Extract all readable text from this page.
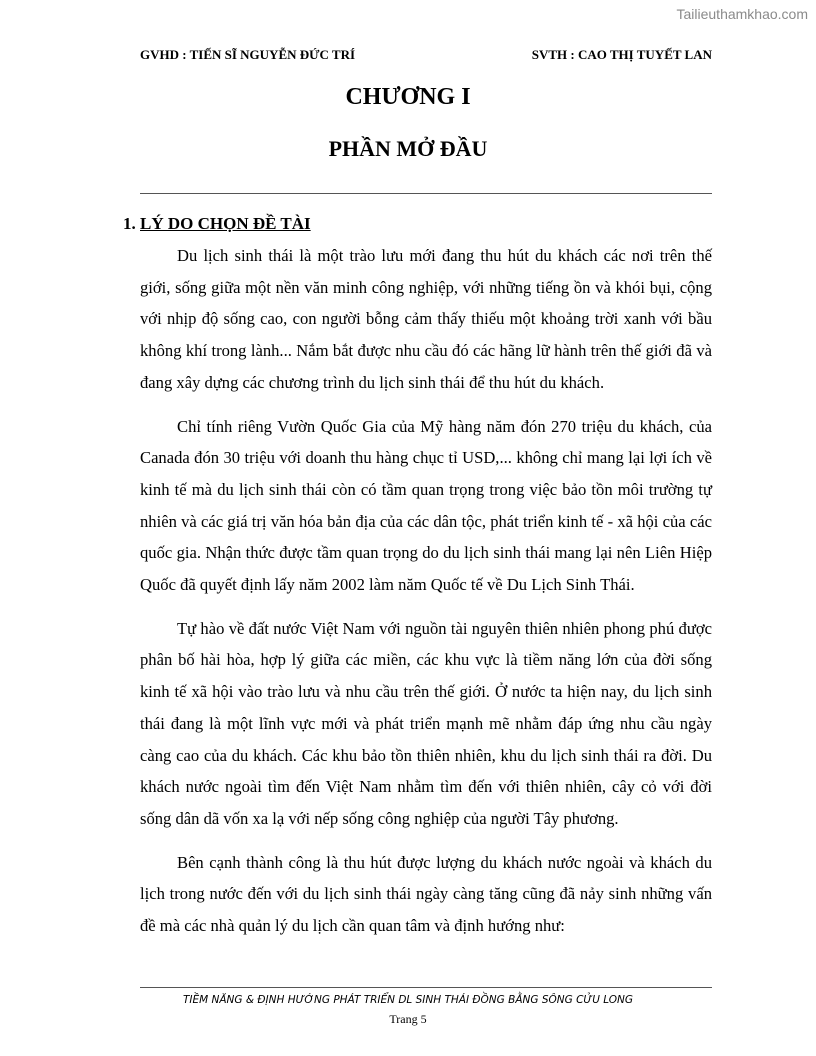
Tailieuthamkhao.com
GVHD : TIẾN SĨ NGUYỄN ĐỨC TRÍ	SVTH : CAO THỊ TUYẾT LAN
CHƯƠNG I
PHẦN MỞ ĐẦU
1. LÝ DO CHỌN ĐỀ TÀI

Du lịch sinh thái là một trào lưu mới đang thu hút du khách các nơi trên thế giới, sống giữa một nền văn minh công nghiệp, với những tiếng ồn và khói bụi, cộng với nhịp độ sống cao, con người bỗng cảm thấy thiếu một khoảng trời xanh với bầu không khí trong lành... Nắm bắt được nhu cầu đó các hãng lữ hành trên thế giới đã và đang xây dựng các chương trình du lịch sinh thái để thu hút du khách.

Chỉ tính riêng Vườn Quốc Gia của Mỹ hàng năm đón 270 triệu du khách, của Canada đón 30 triệu với doanh thu hàng chục tỉ USD,... không chỉ mang lại lợi ích về kinh tế mà du lịch sinh thái còn có tầm quan trọng trong việc bảo tồn môi trường tự nhiên và các giá trị văn hóa bản địa của các dân tộc, phát triển kinh tế - xã hội của các quốc gia. Nhận thức được tầm quan trọng do du lịch sinh thái mang lại nên Liên Hiệp Quốc đã quyết định lấy năm 2002 làm năm Quốc tế về Du Lịch Sinh Thái.

Tự hào về đất nước Việt Nam với nguồn tài nguyên thiên nhiên phong phú được phân bố hài hòa, hợp lý giữa các miền, các khu vực là tiềm năng lớn của đời sống kinh tế xã hội vào trào lưu và nhu cầu trên thế giới. Ở nước ta hiện nay, du lịch sinh thái đang là một lĩnh vực mới và phát triển mạnh mẽ nhằm đáp ứng nhu cầu ngày càng cao của du khách. Các khu bảo tồn thiên nhiên, khu du lịch sinh thái ra đời. Du khách nước ngoài tìm đến Việt Nam nhằm tìm đến với thiên nhiên, cây cỏ với đời sống dân dã vốn xa lạ với nếp sống công nghiệp của người Tây phương.

Bên cạnh thành công là thu hút được lượng du khách nước ngoài và khách du lịch trong nước đến với du lịch sinh thái ngày càng tăng cũng đã nảy sinh những vấn đề mà các nhà quản lý du lịch cần quan tâm và định hướng như:

TIỀM NĂNG & ĐỊNH HƯỚNG PHÁT TRIỂN DL SINH THÁI ĐỒNG BẰNG SÔNG CỬU LONG
Trang 5
